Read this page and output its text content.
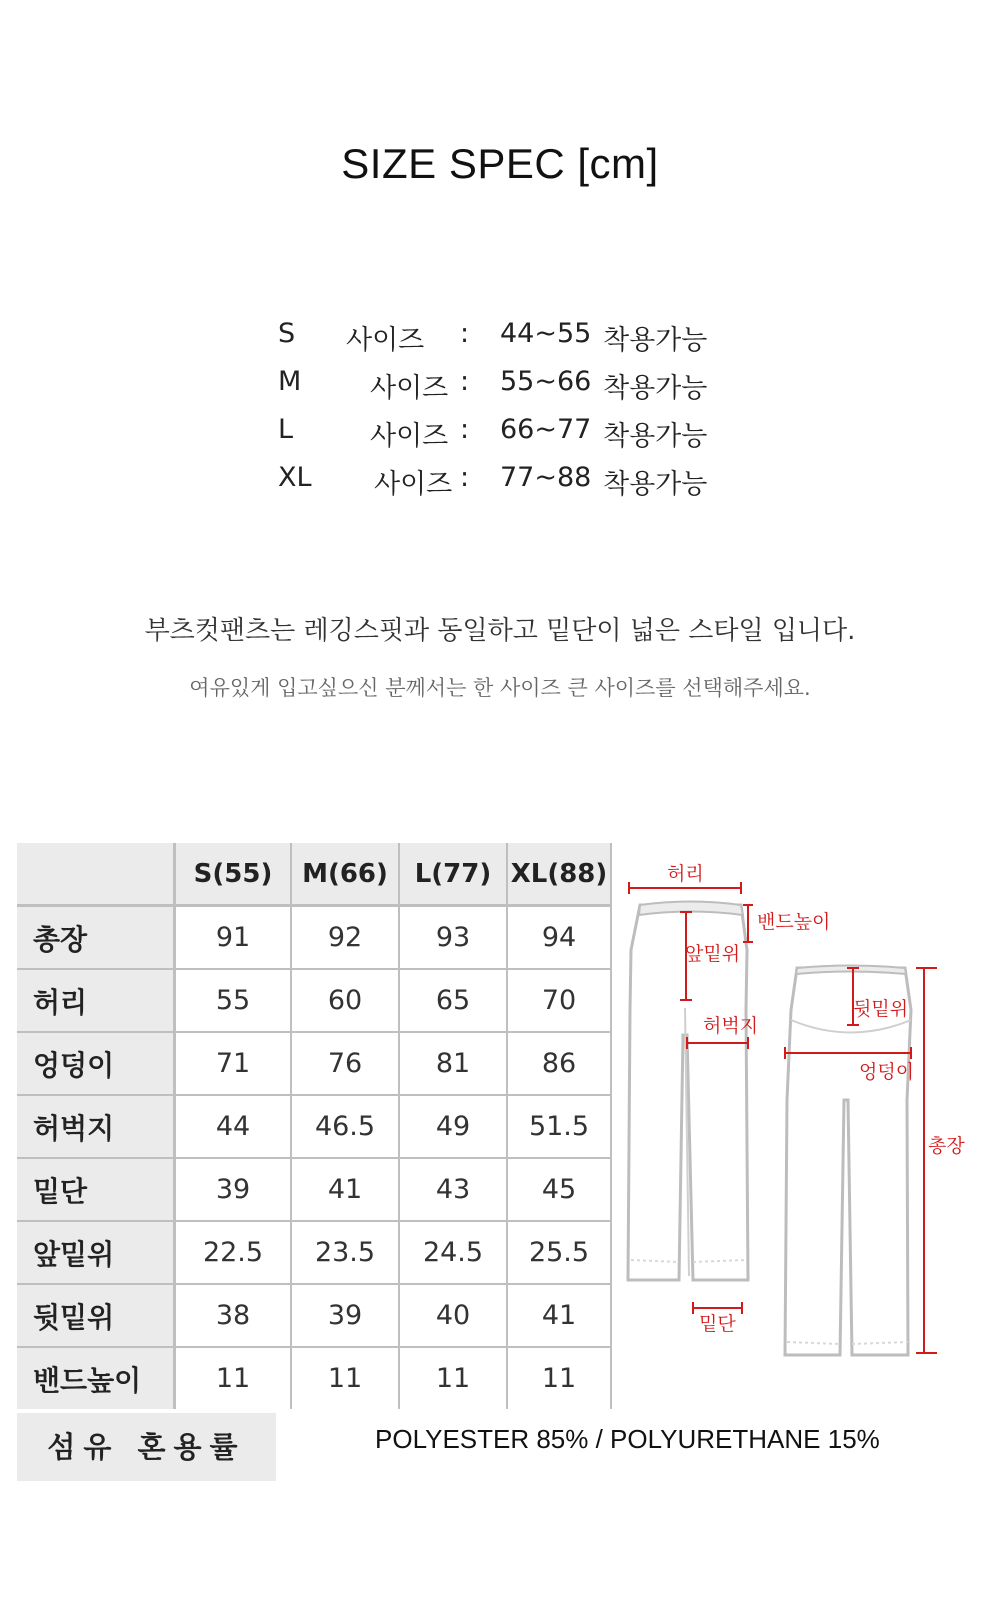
SIZE SPEC [cm]
S 사이즈 : 44~55 착용가능
M	사이즈 : 55~66 착용가능
L	사이즈 : 66~77 착용가능
XL 사이즈 : 77~88 착용가능
부츠컷팬츠는 레깅스핏과 동일하고 밑단이 넓은 스타일 입니다.
여유있게 입고싶으신 분께서는 한 사이즈 큰 사이즈를 선택해주세요.
	S(55)	M(66)	L(77)	XL(88)

총장	91	92	93	94

허리	55	60	65	70

엉덩이	71	76	81	86

허벅지	44	46.5	49	51.5

밑단	39	41	43	45

앞밑위	22.5	23.5	24.5	25.5

뒷밑위	38	39	40	41

밴드높이	11	11	11	11
허리
밴드높이
앞밑위
허벅지
뒷밑위
엉덩이
총장
밑단
섬유 혼용률	POLYESTER 85% / POLYURETHANE 15%
